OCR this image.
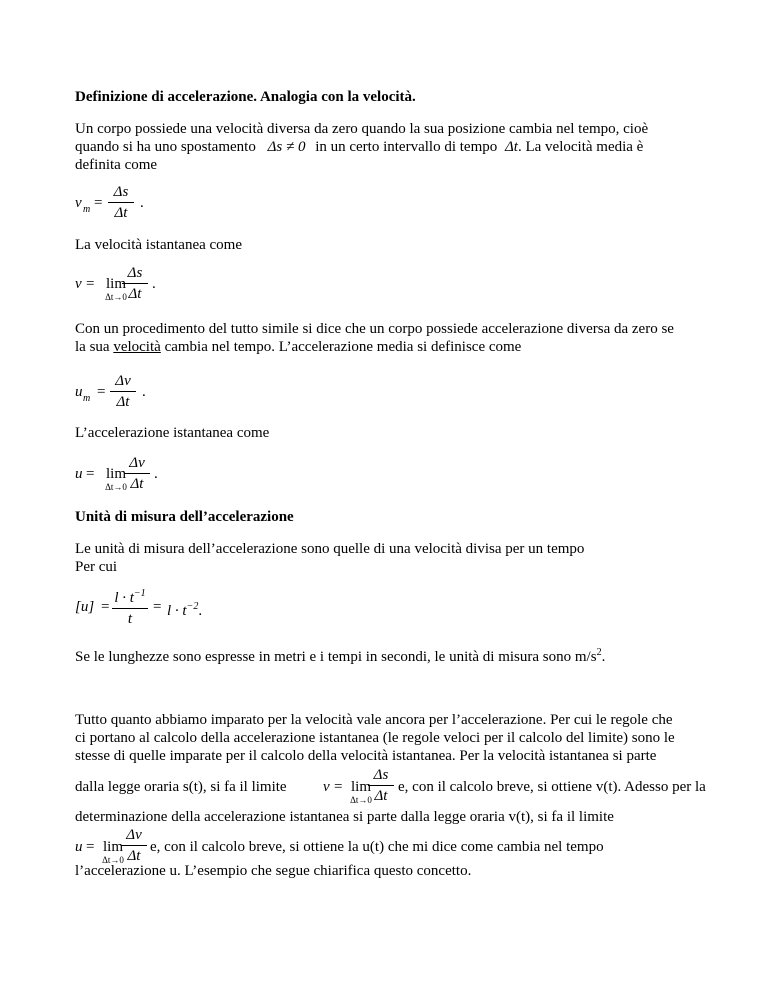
Definizione di accelerazione. Analogia con la velocità.
Un corpo possiede una velocità diversa da zero quando la sua posizione cambia nel tempo, cioè
quando si ha uno spostamento Δs ≠ 0 in un certo intervallo di tempo Δt. La velocità media è
definita come
v m =
Δs
Δt
.
La velocità istantanea come
v = lim
Δt→0
Δs
Δt
.
Con un procedimento del tutto simile si dice che un corpo possiede accelerazione diversa da zero se
la sua velocità cambia nel tempo. L’accelerazione media si definisce come
u m =
Δv
Δt
.
L’accelerazione istantanea come
u = lim
Δt→0
Δv
Δt
.
Unità di misura dell’accelerazione
Le unità di misura dell’accelerazione sono quelle di una velocità divisa per un tempo
Per cui
[u] =
$l \cdot t^{-1}$
t
= $l \cdot t^{-2}$.
Se le lunghezze sono espresse in metri e i tempi in secondi, le unità di misura sono $m/s^2$.
Tutto quanto abbiamo imparato per la velocità vale ancora per l’accelerazione. Per cui le regole che
ci portano al calcolo della accelerazione istantanea (le regole veloci per il calcolo del limite) sono le
stesse di quelle imparate per il calcolo della velocità istantanea. Per la velocità istantanea si parte
dalla legge oraria s(t), si fa il limite v = lim
Δt→0
Δs
Δt
e, con il calcolo breve, si ottiene v(t). Adesso per la
determinazione della accelerazione istantanea si parte dalla legge oraria v(t), si fa il limite
u = lim
Δt→0
Δv
Δt
e, con il calcolo breve, si ottiene la u(t) che mi dice come cambia nel tempo
l’accelerazione u. L’esempio che segue chiarifica questo concetto.
